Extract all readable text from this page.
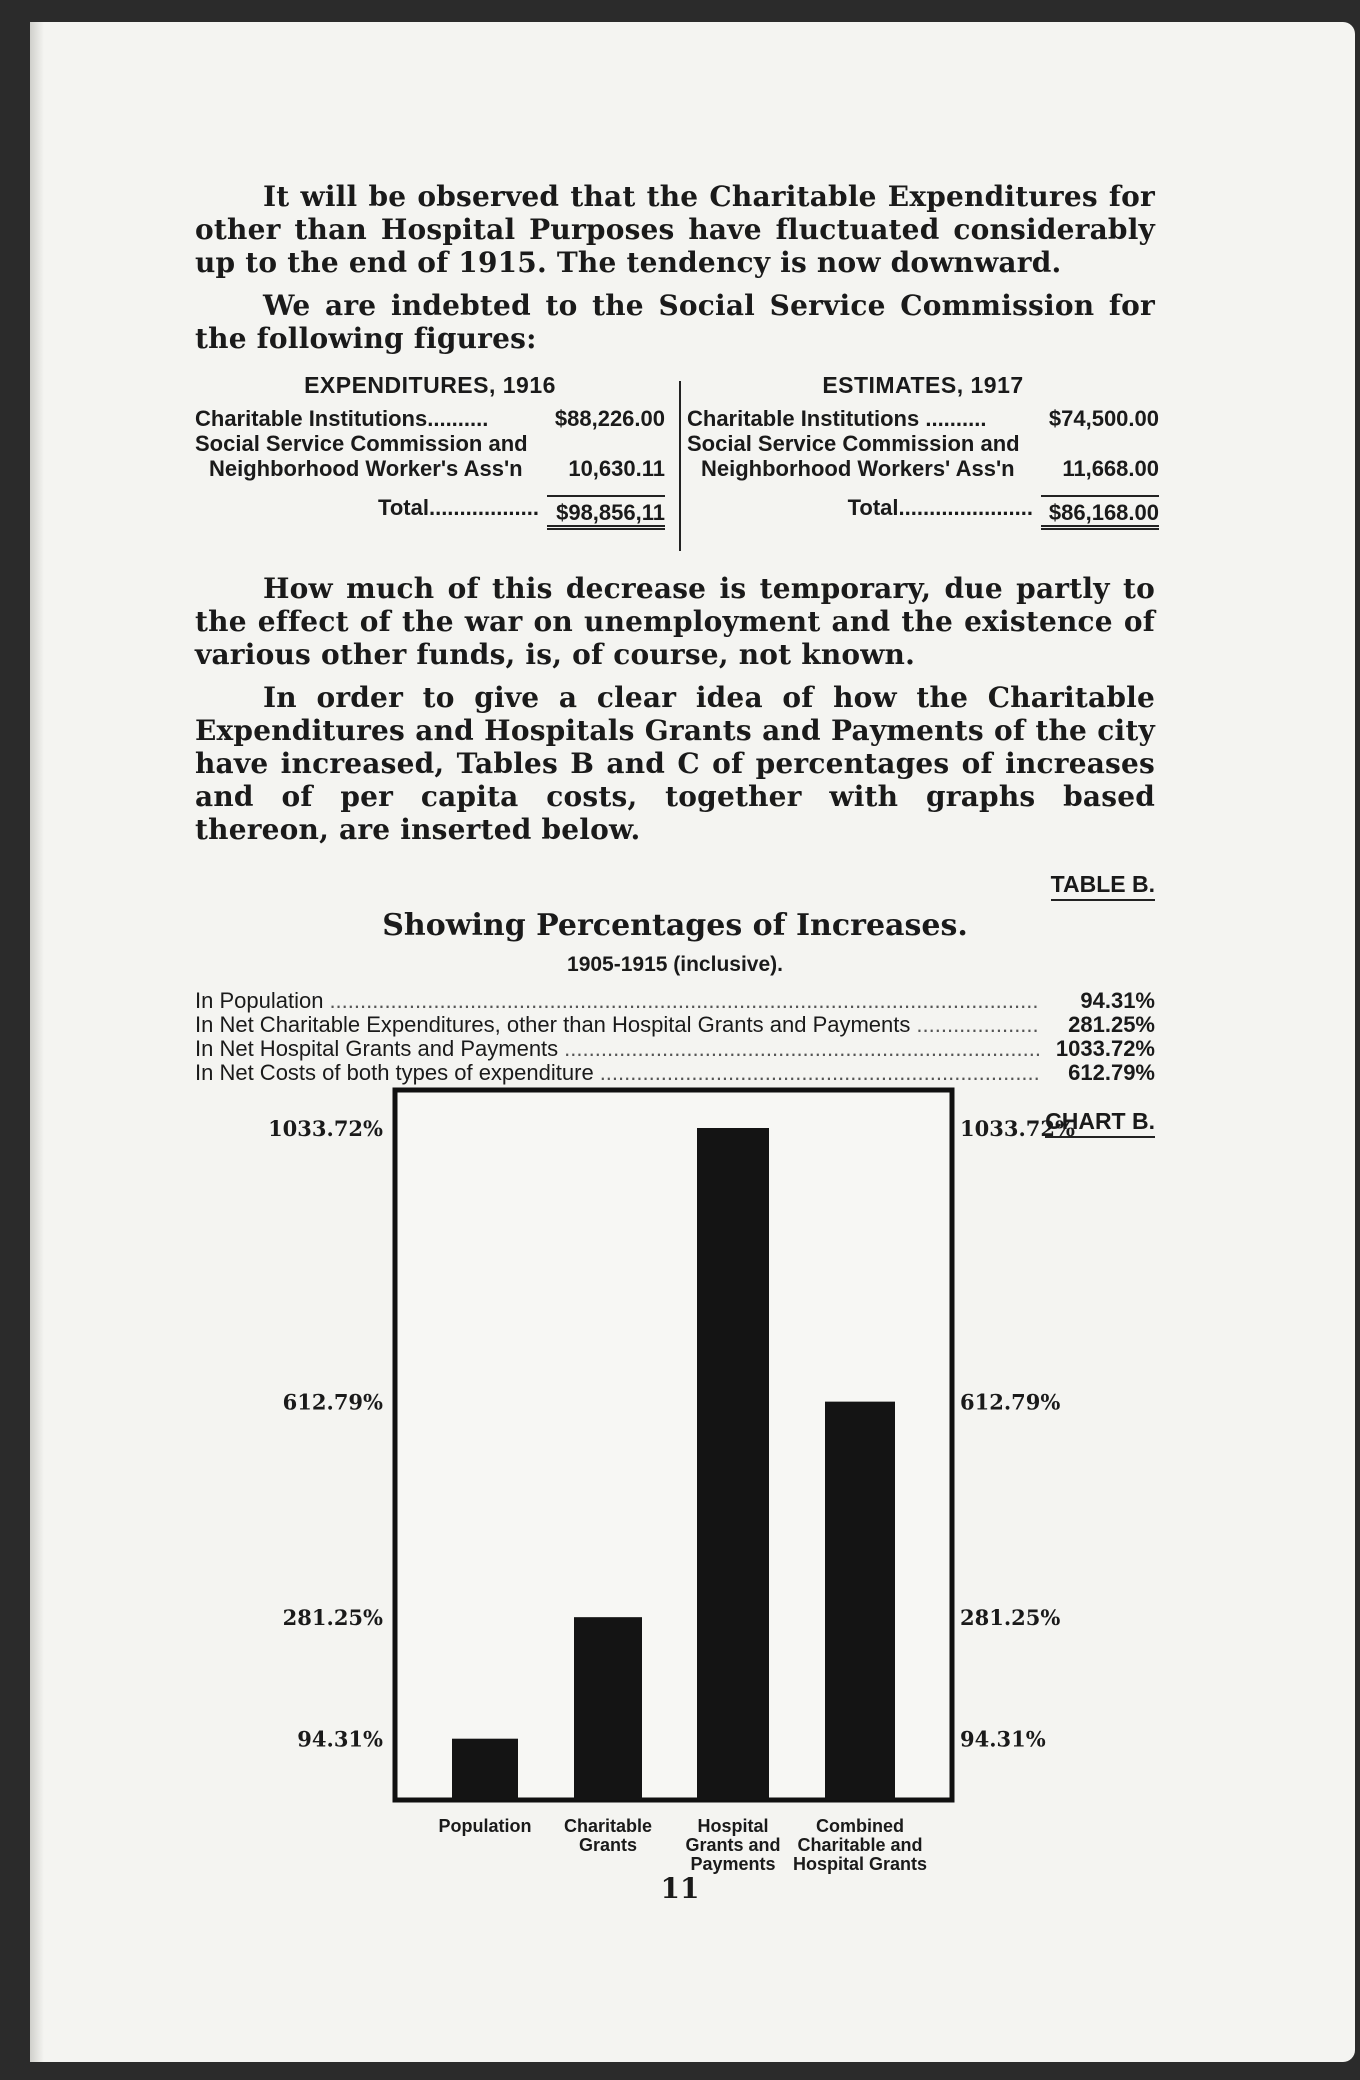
It will be observed that the Charitable Expenditures for other than Hospital Purposes have fluctuated considerably up to the end of 1915. The tendency is now downward.

We are indebted to the Social Service Commission for the following figures:

EXPENDITURES, 1916
Charitable Institutions..........	$88,226.00
Social Service Commission and
Neighborhood Worker's Ass'n	10,630.11
Total.................. $98,856,11
ESTIMATES, 1917
Charitable Institutions ..........	$74,500.00
Social Service Commission and
Neighborhood Workers' Ass'n	11,668.00
Total...................... $86,168.00

How much of this decrease is temporary, due partly to the effect of the war on unemployment and the existence of various other funds, is, of course, not known.

In order to give a clear idea of how the Charitable Expenditures and Hospitals Grants and Payments of the city have increased, Tables B and C of percentages of increases and of per capita costs, together with graphs based thereon, are inserted below.

TABLE B.
Showing Percentages of Increases.
1905-1915 (inclusive).
In Population .....	94.31%
In Net Charitable Expenditures, other than Hospital Grants and Payments .....	281.25%
In Net Hospital Grants and Payments .....	1033.72%
In Net Costs of both types of expenditure .....	612.79%
CHART B.
94.31%	94.31%
281.25%	281.25%
612.79%	612.79%
1033.72%	1033.72%
Population Charitable Grants
Hospital Grants and Payments
Combined Charitable and Hospital Grants
11
